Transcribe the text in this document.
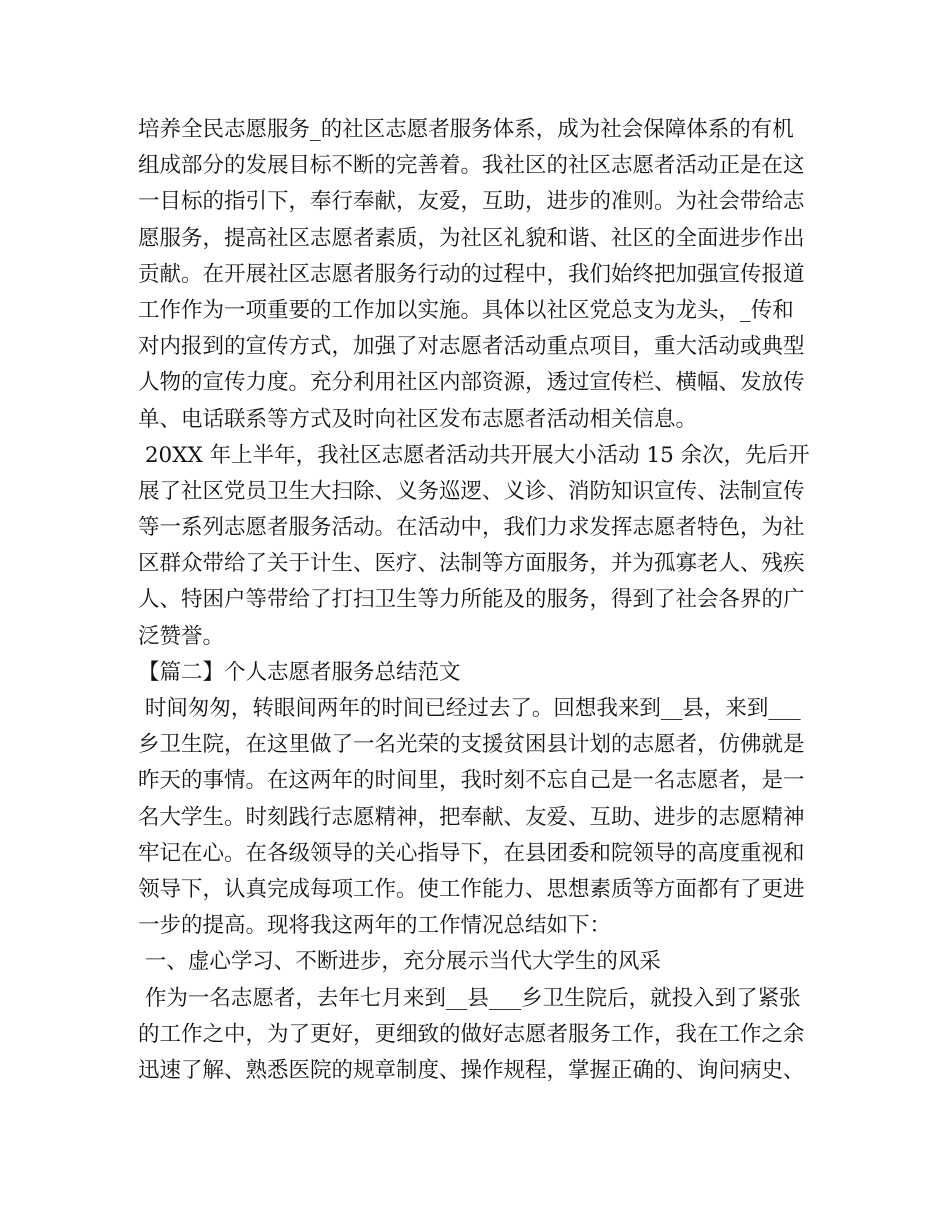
培养全民志愿服务_的社区志愿者服务体系，成为社会保障体系的有机
组成部分的发展目标不断的完善着。我社区的社区志愿者活动正是在这
一目标的指引下，奉行奉献，友爱，互助，进步的准则。为社会带给志
愿服务，提高社区志愿者素质，为社区礼貌和谐、社区的全面进步作出
贡献。在开展社区志愿者服务行动的过程中，我们始终把加强宣传报道
工作作为一项重要的工作加以实施。具体以社区党总支为龙头，_传和
对内报到的宣传方式，加强了对志愿者活动重点项目，重大活动或典型
人物的宣传力度。充分利用社区内部资源，透过宣传栏、横幅、发放传
单、电话联系等方式及时向社区发布志愿者活动相关信息。
20XX 年上半年，我社区志愿者活动共开展大小活动 15 余次，先后开
展了社区党员卫生大扫除、义务巡逻、义诊、消防知识宣传、法制宣传
等一系列志愿者服务活动。在活动中，我们力求发挥志愿者特色，为社
区群众带给了关于计生、医疗、法制等方面服务，并为孤寡老人、残疾
人、特困户等带给了打扫卫生等力所能及的服务，得到了社会各界的广
泛赞誉。
【篇二】个人志愿者服务总结范文
时间匆匆，转眼间两年的时间已经过去了。回想我来到__县，来到___
乡卫生院，在这里做了一名光荣的支援贫困县计划的志愿者，仿佛就是
昨天的事情。在这两年的时间里，我时刻不忘自己是一名志愿者，是一
名大学生。时刻践行志愿精神，把奉献、友爱、互助、进步的志愿精神
牢记在心。在各级领导的关心指导下，在县团委和院领导的高度重视和
领导下，认真完成每项工作。使工作能力、思想素质等方面都有了更进
一步的提高。现将我这两年的工作情况总结如下：
一、虚心学习、不断进步，充分展示当代大学生的风采
作为一名志愿者，去年七月来到__县___乡卫生院后，就投入到了紧张
的工作之中，为了更好，更细致的做好志愿者服务工作，我在工作之余
迅速了解、熟悉医院的规章制度、操作规程，掌握正确的、询问病史、
